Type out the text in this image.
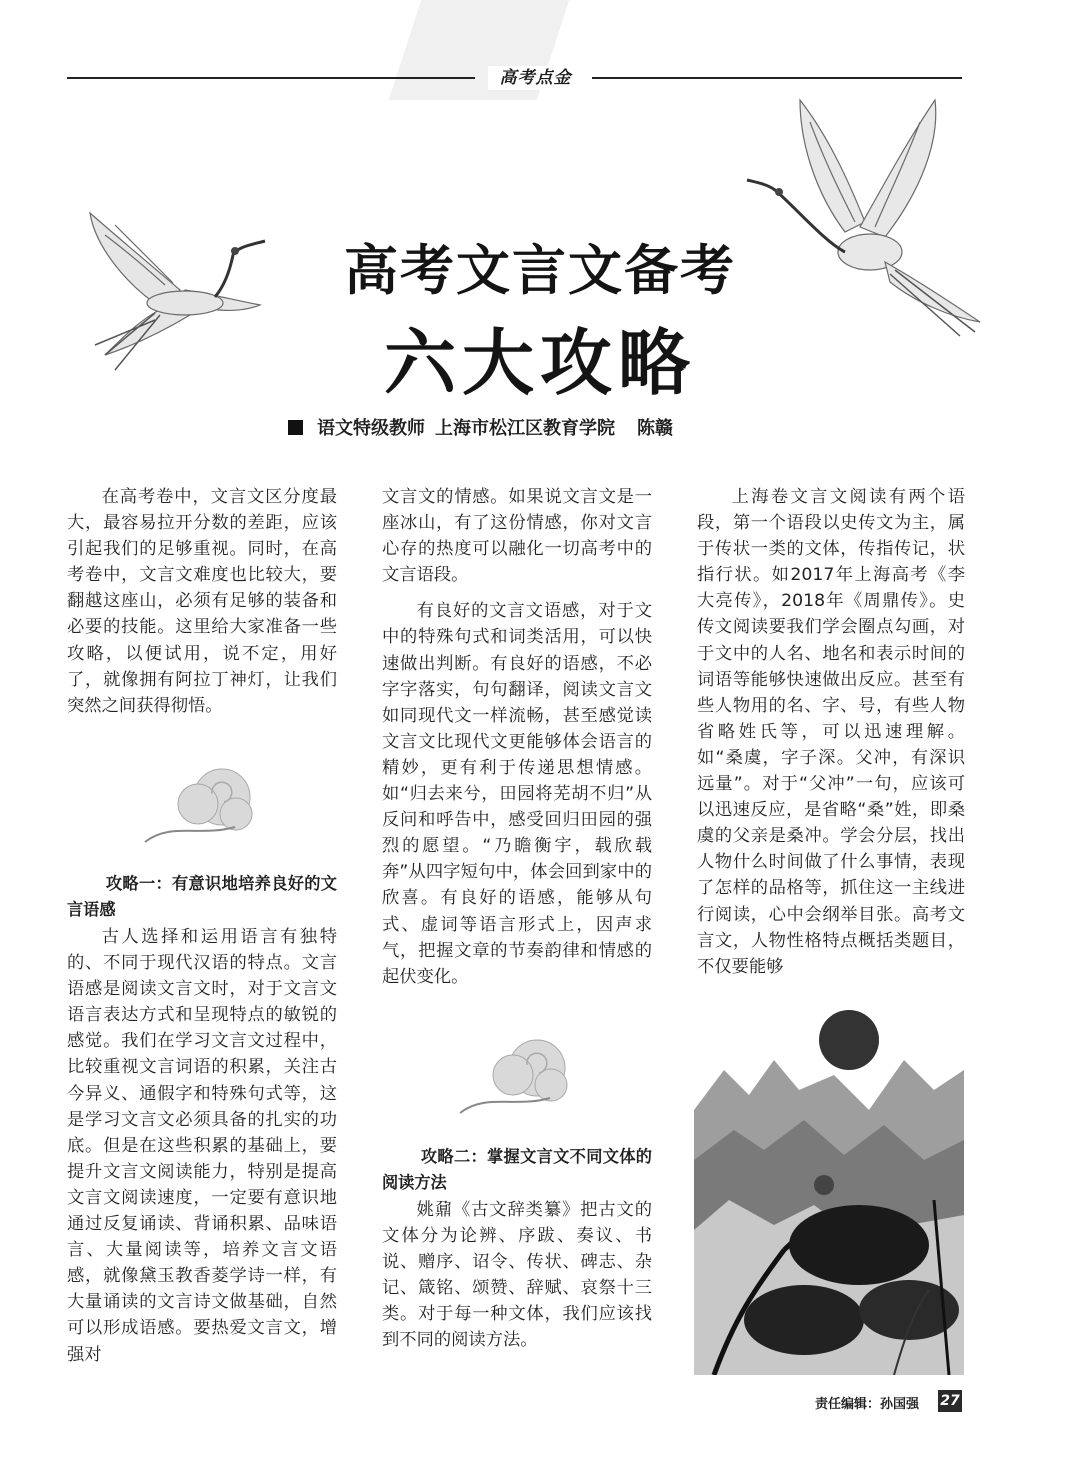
高考点金
高考文言文备考
六大攻略
语文特级教师 上海市松江区教育学院 陈赣

在高考卷中，文言文区分度最大，最容易拉开分数的差距，应该引起我们的足够重视。同时，在高考卷中，文言文难度也比较大，要翻越这座山，必须有足够的装备和必要的技能。这里给大家准备一些攻略，以便试用，说不定，用好了，就像拥有阿拉丁神灯，让我们突然之间获得彻悟。

攻略一：有意识地培养良好的文言语感

古人选择和运用语言有独特的、不同于现代汉语的特点。文言语感是阅读文言文时，对于文言文语言表达方式和呈现特点的敏锐的感觉。我们在学习文言文过程中，比较重视文言词语的积累，关注古今异义、通假字和特殊句式等，这是学习文言文必须具备的扎实的功底。但是在这些积累的基础上，要提升文言文阅读能力，特别是提高文言文阅读速度，一定要有意识地通过反复诵读、背诵积累、品味语言、大量阅读等，培养文言文语感，就像黛玉教香菱学诗一样，有大量诵读的文言诗文做基础，自然可以形成语感。要热爱文言文，增强对

文言文的情感。如果说文言文是一座冰山，有了这份情感，你对文言心存的热度可以融化一切高考中的文言语段。

有良好的文言文语感，对于文中的特殊句式和词类活用，可以快速做出判断。有良好的语感，不必字字落实，句句翻译，阅读文言文如同现代文一样流畅，甚至感觉读文言文比现代文更能够体会语言的精妙，更有利于传递思想情感。如“归去来兮，田园将芜胡不归”从反问和呼告中，感受回归田园的强烈的愿望。“乃瞻衡宇，载欣载奔”从四字短句中，体会回到家中的欣喜。有良好的语感，能够从句式、虚词等语言形式上，因声求气，把握文章的节奏韵律和情感的起伏变化。

攻略二：掌握文言文不同文体的阅读方法

姚鼐《古文辞类纂》把古文的文体分为论辨、序跋、奏议、书说、赠序、诏令、传状、碑志、杂记、箴铭、颂赞、辞赋、哀祭十三类。对于每一种文体，我们应该找到不同的阅读方法。

上海卷文言文阅读有两个语段，第一个语段以史传文为主，属于传状一类的文体，传指传记，状指行状。如2017年上海高考《李大亮传》，2018年《周鼎传》。史传文阅读要我们学会圈点勾画，对于文中的人名、地名和表示时间的词语等能够快速做出反应。甚至有些人物用的名、字、号，有些人物省略姓氏等，可以迅速理解。如“桑虞，字子深。父冲，有深识远量”。对于“父冲”一句，应该可以迅速反应，是省略“桑”姓，即桑虞的父亲是桑冲。学会分层，找出人物什么时间做了什么事情，表现了怎样的品格等，抓住这一主线进行阅读，心中会纲举目张。高考文言文，人物性格特点概括类题目，不仅要能够

责任编辑：孙国强 27
